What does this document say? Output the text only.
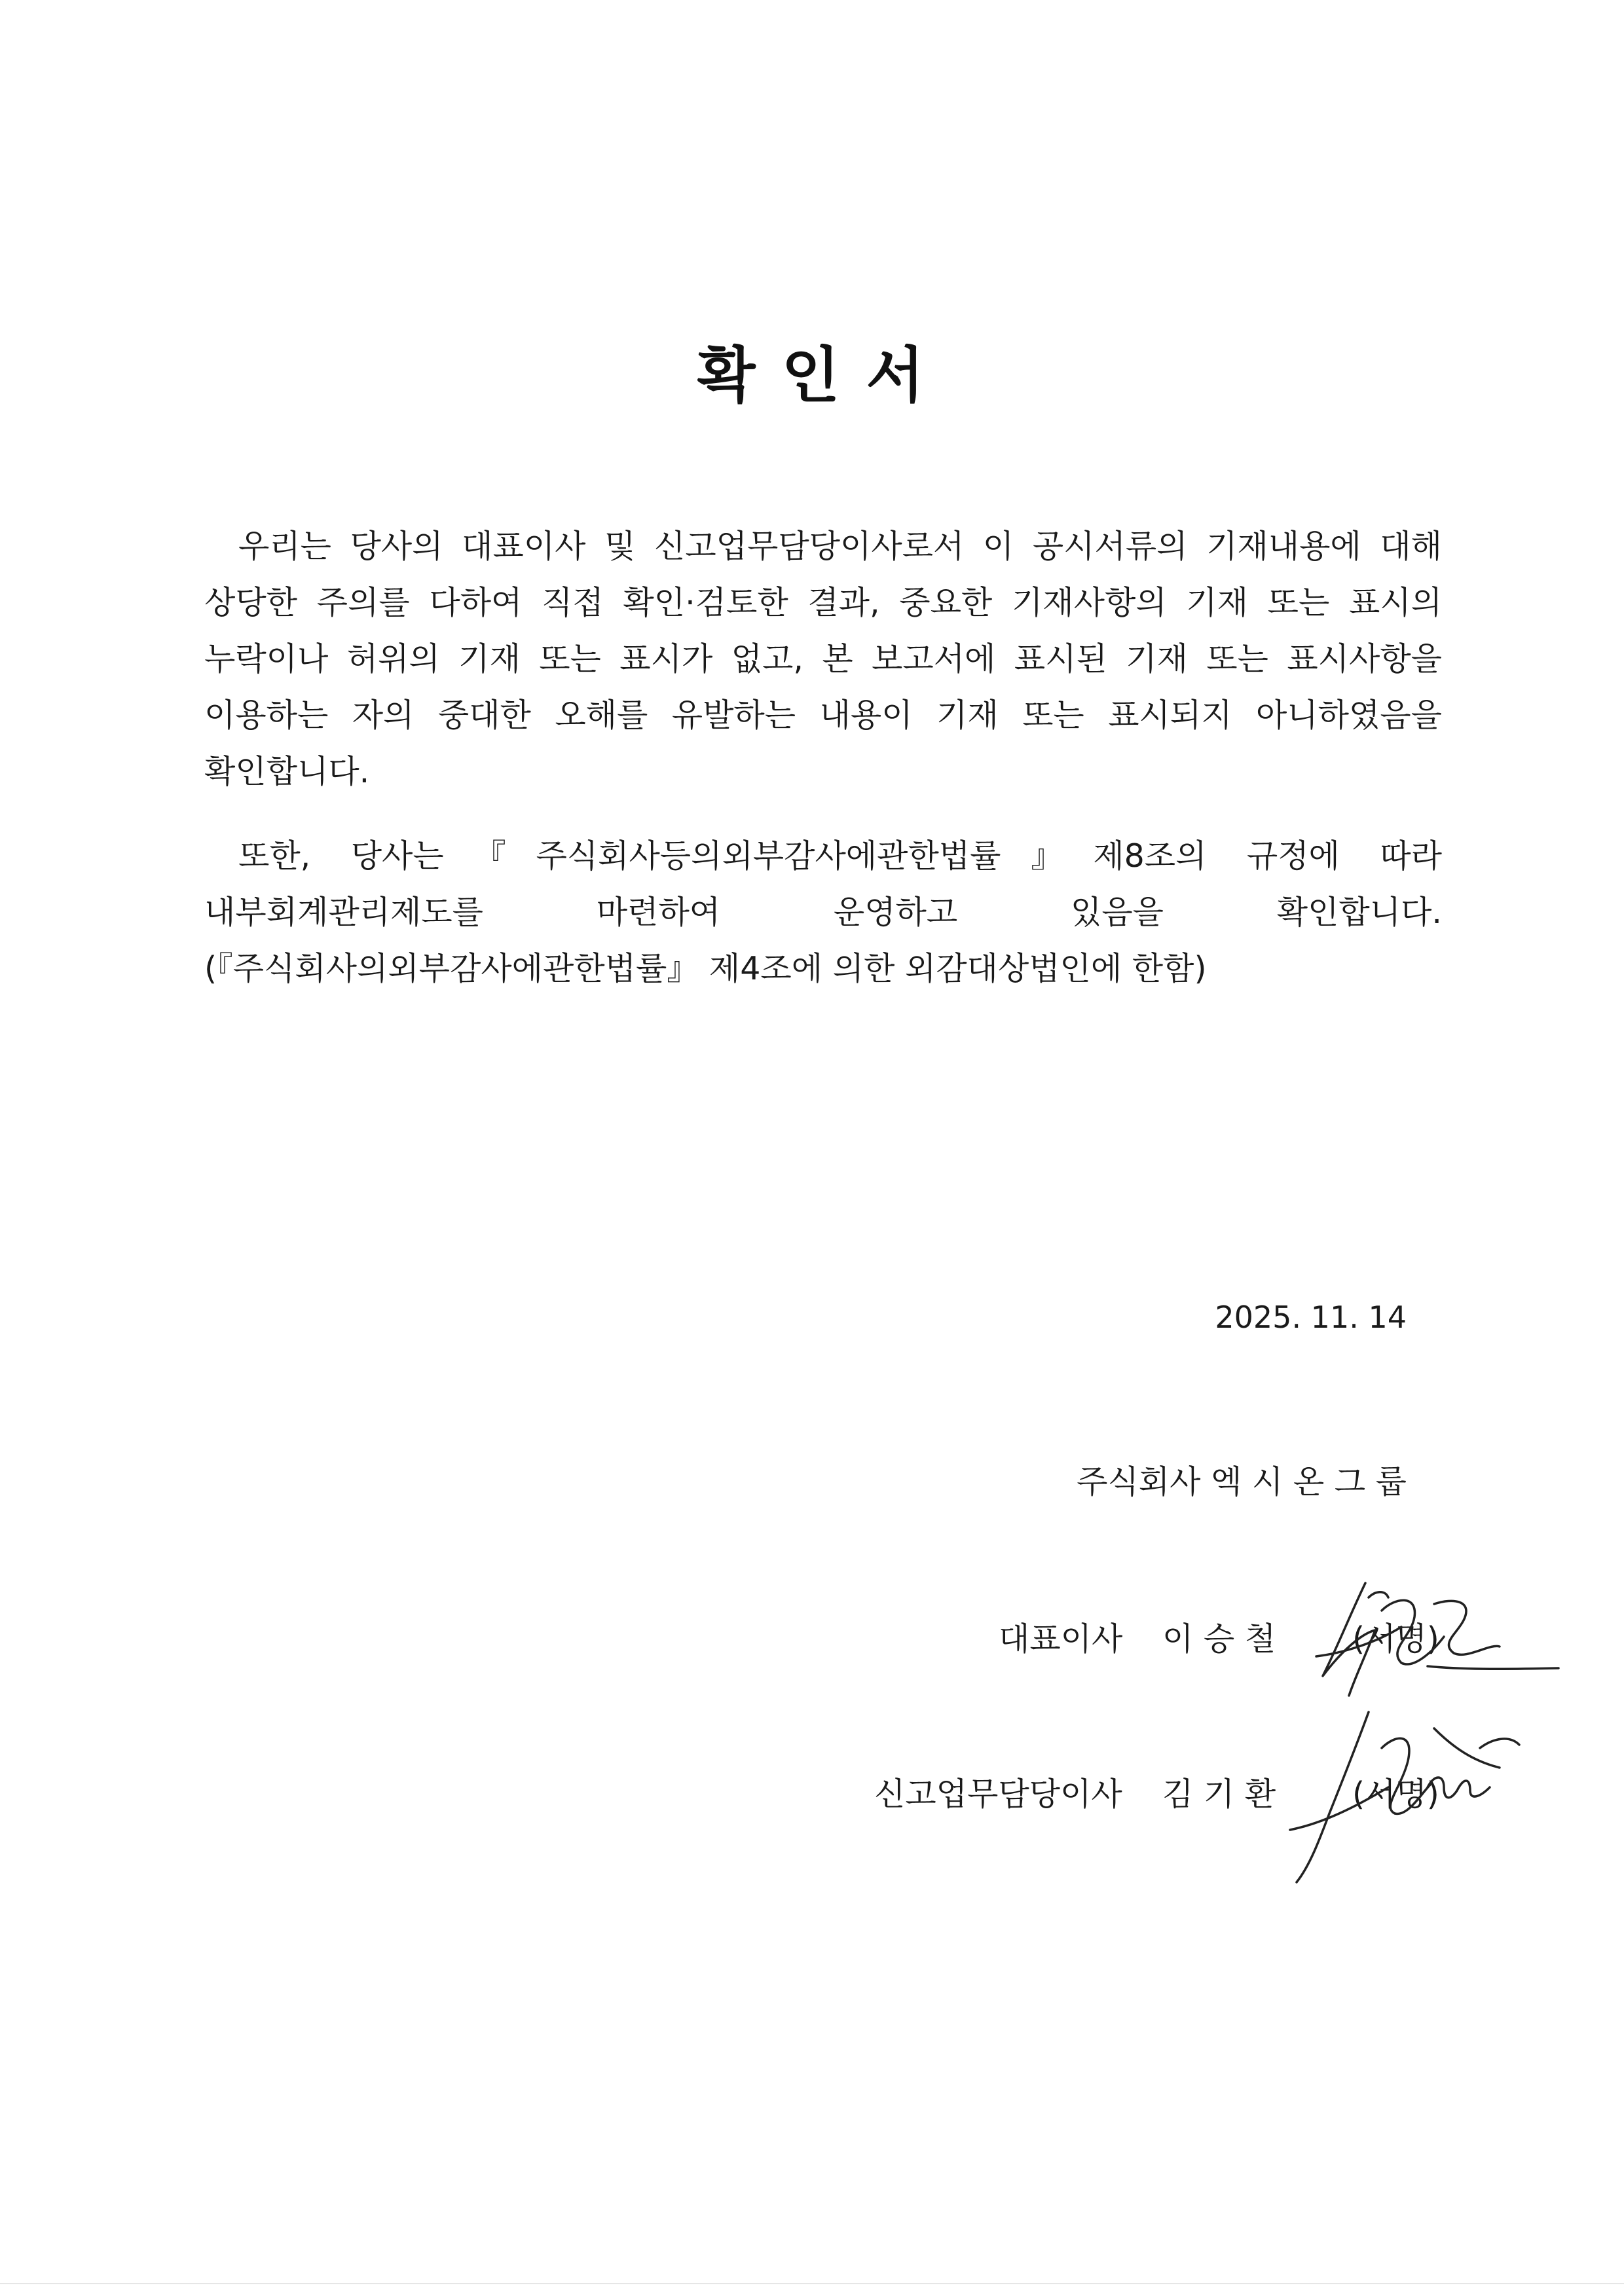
확 인 서

우리는 당사의 대표이사 및 신고업무담당이사로서 이 공시서류의 기재내용에 대해 상당한 주의를 다하여 직접 확인·검토한 결과, 중요한 기재사항의 기재 또는 표시의 누락이나 허위의 기재 또는 표시가 없고, 본 보고서에 표시된 기재 또는 표시사항을 이용하는 자의 중대한 오해를 유발하는 내용이 기재 또는 표시되지 아니하였음을 확인합니다.

또한, 당사는『주식회사등의외부감사에관한법률』제8조의 규정에 따라 내부회계관리제도를 마련하여 운영하고 있음을 확인합니다. (『주식회사의외부감사에관한법률』 제4조에 의한 외감대상법인에 한함)

2025. 11. 14

주식회사 엑 시 온 그 룹

대표이사 이 승 철 (서명)
신고업무담당이사 김 기 환 (서명)
